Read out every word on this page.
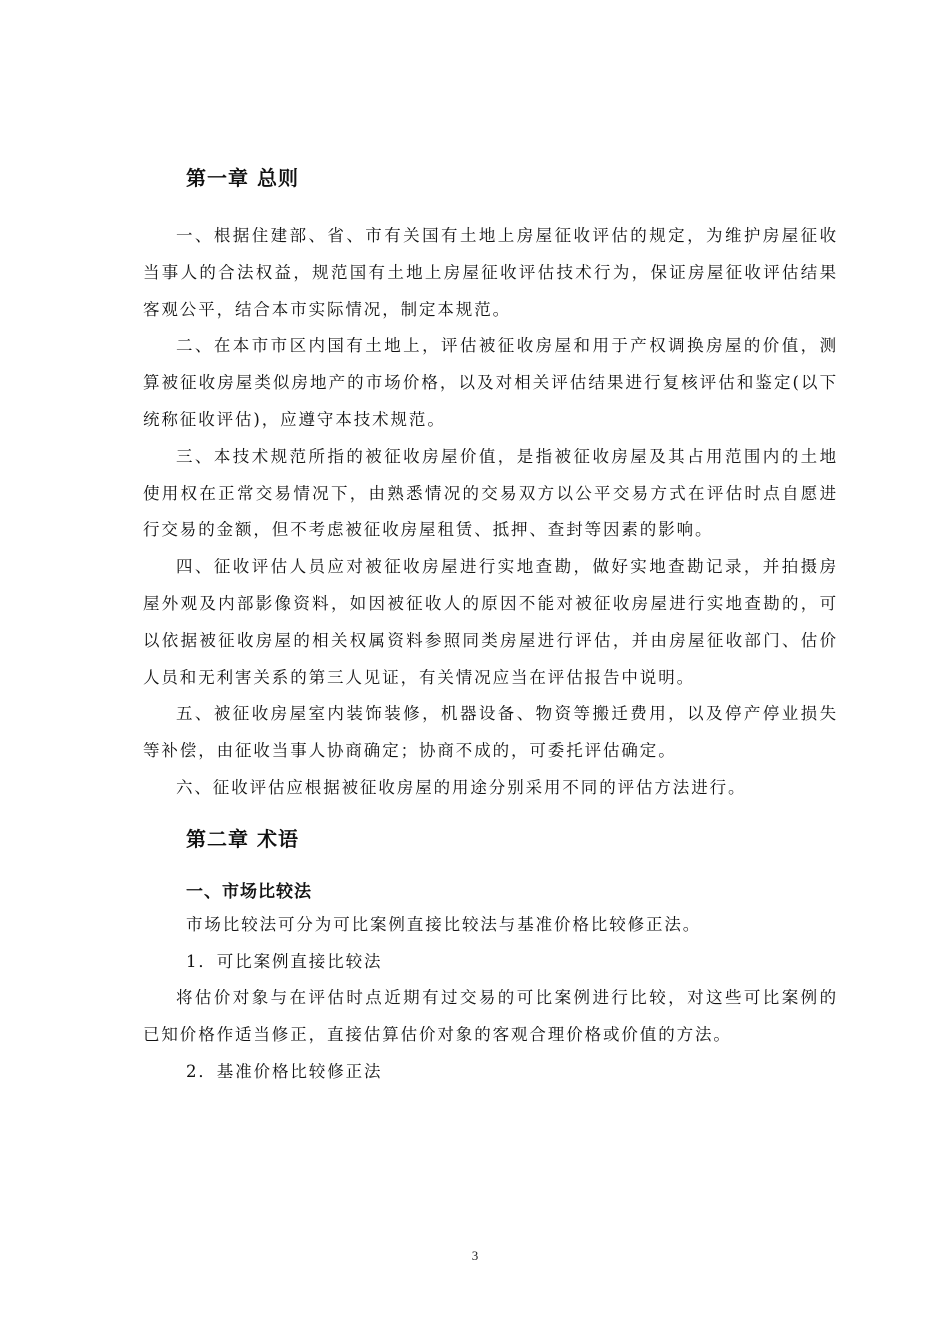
第一章 总则

一、根据住建部、省、市有关国有土地上房屋征收评估的规定，为维护房屋征收当事人的合法权益，规范国有土地上房屋征收评估技术行为，保证房屋征收评估结果客观公平，结合本市实际情况，制定本规范。

二、在本市市区内国有土地上，评估被征收房屋和用于产权调换房屋的价值，测算被征收房屋类似房地产的市场价格，以及对相关评估结果进行复核评估和鉴定(以下统称征收评估)，应遵守本技术规范。

三、本技术规范所指的被征收房屋价值，是指被征收房屋及其占用范围内的土地使用权在正常交易情况下，由熟悉情况的交易双方以公平交易方式在评估时点自愿进行交易的金额，但不考虑被征收房屋租赁、抵押、查封等因素的影响。

四、征收评估人员应对被征收房屋进行实地查勘，做好实地查勘记录，并拍摄房屋外观及内部影像资料，如因被征收人的原因不能对被征收房屋进行实地查勘的，可以依据被征收房屋的相关权属资料参照同类房屋进行评估，并由房屋征收部门、估价人员和无利害关系的第三人见证，有关情况应当在评估报告中说明。

五、被征收房屋室内装饰装修，机器设备、物资等搬迁费用，以及停产停业损失等补偿，由征收当事人协商确定；协商不成的，可委托评估确定。

六、征收评估应根据被征收房屋的用途分别采用不同的评估方法进行。

第二章 术语
一、市场比较法

市场比较法可分为可比案例直接比较法与基准价格比较修正法。

1．可比案例直接比较法

将估价对象与在评估时点近期有过交易的可比案例进行比较，对这些可比案例的已知价格作适当修正，直接估算估价对象的客观合理价格或价值的方法。

2．基准价格比较修正法

3
